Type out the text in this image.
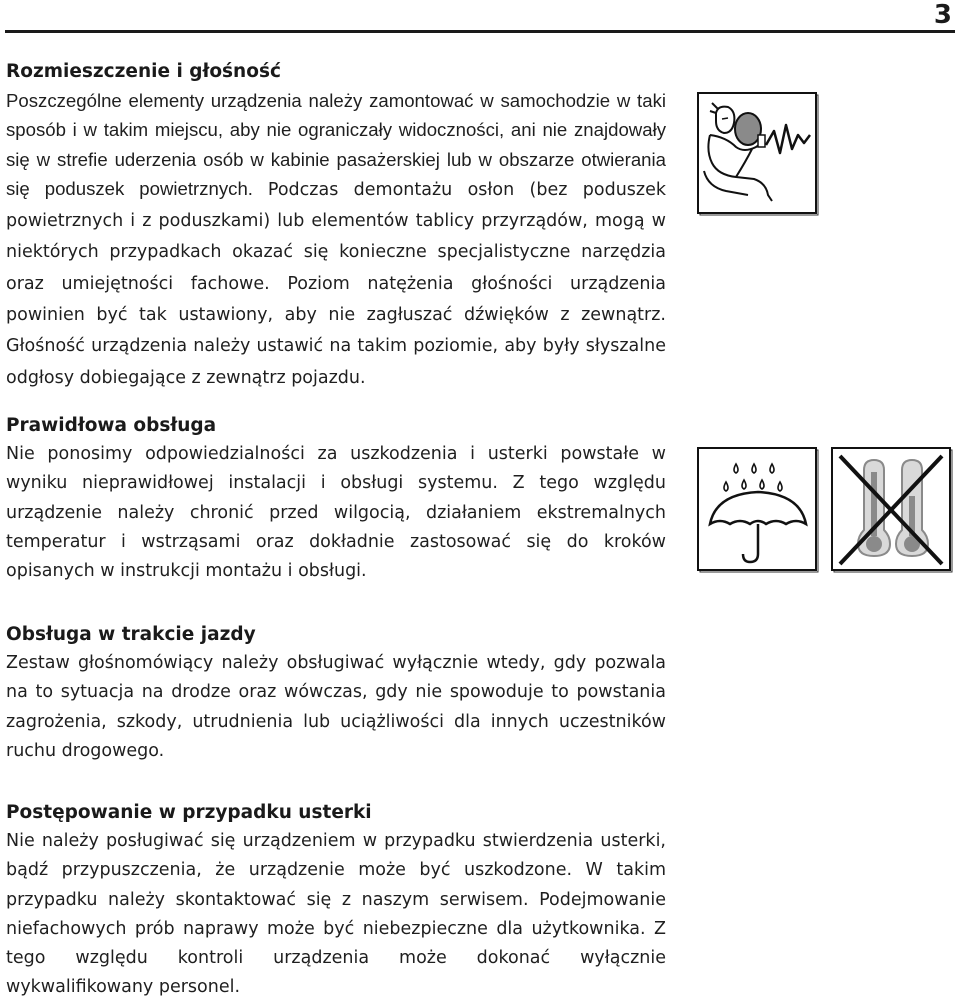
3
Rozmieszczenie i głośność

Poszczególne elementy urządzenia należy zamontować w samochodzie w taki sposób i w takim miejscu, aby nie ograniczały widoczności, ani nie znajdowały się w strefie uderzenia osób w kabinie pasażerskiej lub w obszarze otwierania się poduszek powietrznych. Podczas demontażu osłon (bez poduszek powietrznych i z poduszkami) lub elementów tablicy przyrządów, mogą w niektórych przypadkach okazać się konieczne specjalistyczne narzędzia oraz umiejętności fachowe. Poziom natężenia głośności urządzenia powinien być tak ustawiony, aby nie zagłuszać dźwięków z zewnątrz. Głośność urządzenia należy ustawić na takim poziomie, aby były słyszalne odgłosy dobiegające z zewnątrz pojazdu.

Prawidłowa obsługa

Nie ponosimy odpowiedzialności za uszkodzenia i usterki powstałe w wyniku nieprawidłowej instalacji i obsługi systemu. Z tego względu urządzenie należy chronić przed wilgocią, działaniem ekstremalnych temperatur i wstrząsami oraz dokładnie zastosować się do kroków opisanych w instrukcji montażu i obsługi.

Obsługa w trakcie jazdy

Zestaw głośnomówiący należy obsługiwać wyłącznie wtedy, gdy pozwala na to sytuacja na drodze oraz wówczas, gdy nie spowoduje to powstania zagrożenia, szkody, utrudnienia lub uciążliwości dla innych uczestników ruchu drogowego.

Postępowanie w przypadku usterki

Nie należy posługiwać się urządzeniem w przypadku stwierdzenia usterki, bądź przypuszczenia, że urządzenie może być uszkodzone. W takim przypadku należy skontaktować się z naszym serwisem. Podejmowanie niefachowych prób naprawy może być niebezpieczne dla użytkownika. Z tego względu kontroli urządzenia może dokonać wyłącznie wykwalifikowany personel.
